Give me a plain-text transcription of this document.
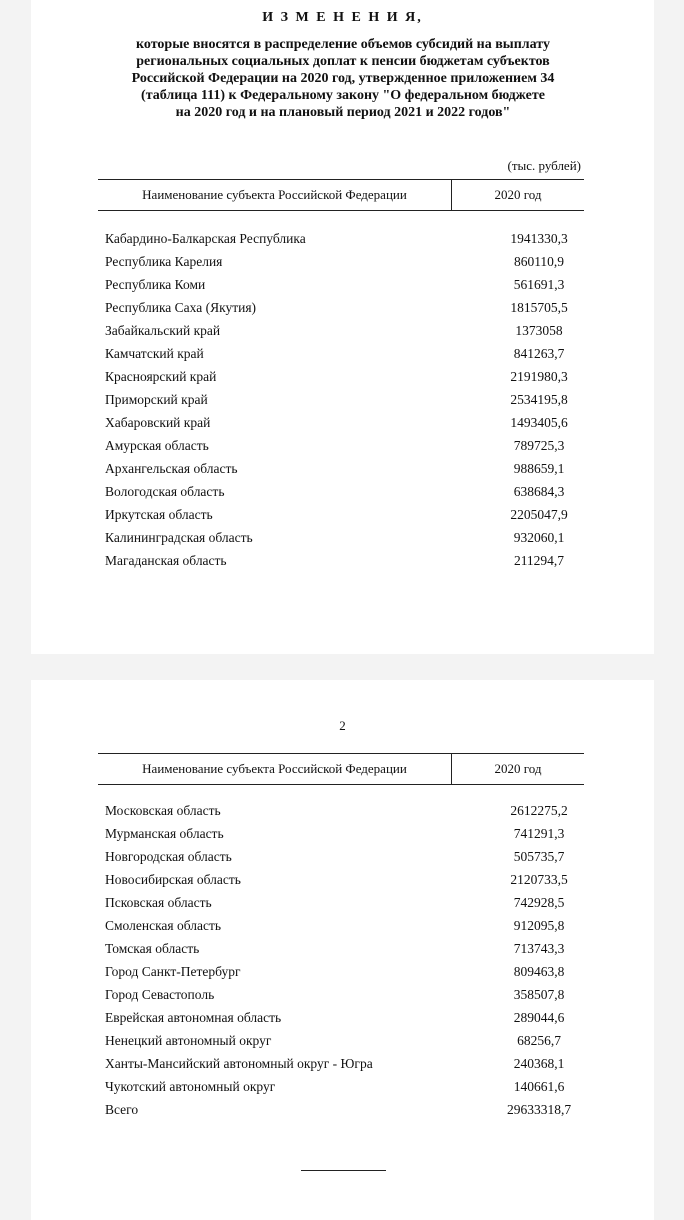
И З М Е Н Е Н И Я,
которые вносятся в распределение объемов субсидий на выплату
региональных социальных доплат к пенсии бюджетам субъектов
Российской Федерации на 2020 год, утвержденное приложением 34
(таблица 111) к Федеральному закону "О федеральном бюджете
на 2020 год и на плановый период 2021 и 2022 годов"
(тыс. рублей)
Наименование субъекта Российской Федерации	2020 год
Кабардино-Балкарская Республика	1941330,3
Республика Карелия	860110,9
Республика Коми	561691,3
Республика Саха (Якутия)	1815705,5
Забайкальский край	1373058
Камчатский край	841263,7
Красноярский край	2191980,3
Приморский край	2534195,8
Хабаровский край	1493405,6
Амурская область	789725,3
Архангельская область	988659,1
Вологодская область	638684,3
Иркутская область	2205047,9
Калининградская область	932060,1
Магаданская область	211294,7
2
Наименование субъекта Российской Федерации	2020 год
Московская область	2612275,2
Мурманская область	741291,3
Новгородская область	505735,7
Новосибирская область	2120733,5
Псковская область	742928,5
Смоленская область	912095,8
Томская область	713743,3
Город Санкт-Петербург	809463,8
Город Севастополь	358507,8
Еврейская автономная область	289044,6
Ненецкий автономный округ	68256,7
Ханты-Мансийский автономный округ - Югра	240368,1
Чукотский автономный округ	140661,6
Всего	29633318,7
